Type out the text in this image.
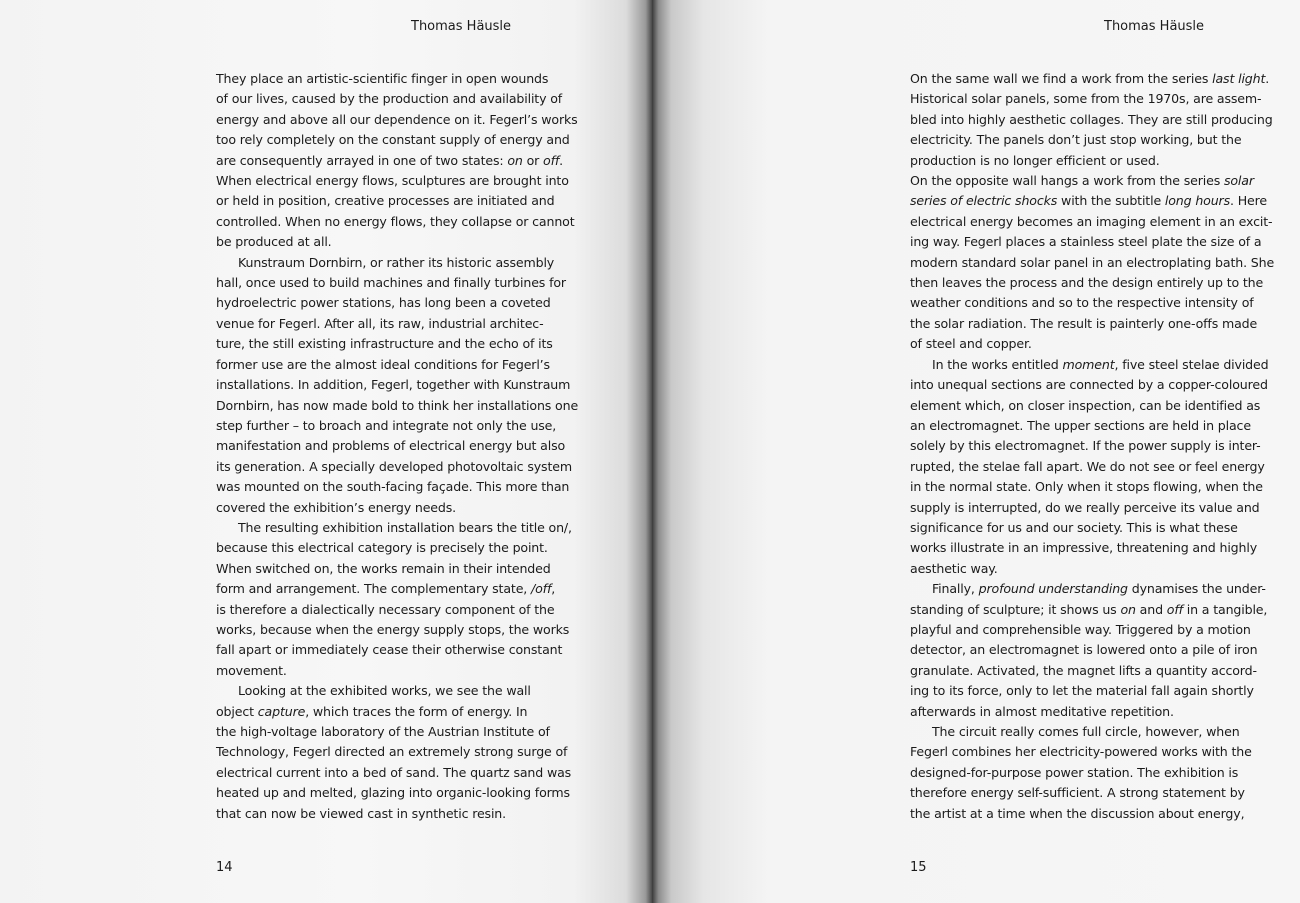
Thomas Häusle
They place an artistic-scientific finger in open wounds
of our lives, caused by the production and availability of
energy and above all our dependence on it. Fegerl’s works
too rely completely on the constant supply of energy and
are consequently arrayed in one of two states: on or off.
When electrical energy flows, sculptures are brought into
or held in position, creative processes are initiated and
controlled. When no energy flows, they collapse or cannot
be produced at all.
Kunstraum Dornbirn, or rather its historic assembly
hall, once used to build machines and finally turbines for
hydroelectric power stations, has long been a coveted
venue for Fegerl. After all, its raw, industrial architec-
ture, the still existing infrastructure and the echo of its
former use are the almost ideal conditions for Fegerl’s
installations. In addition, Fegerl, together with Kunstraum
Dornbirn, has now made bold to think her installations one
step further – to broach and integrate not only the use,
manifestation and problems of electrical energy but also
its generation. A specially developed photovoltaic system
was mounted on the south-facing façade. This more than
covered the exhibition’s energy needs.
The resulting exhibition installation bears the title on/,
because this electrical category is precisely the point.
When switched on, the works remain in their intended
form and arrangement. The complementary state, /off,
is therefore a dialectically necessary component of the
works, because when the energy supply stops, the works
fall apart or immediately cease their otherwise constant
movement.
Looking at the exhibited works, we see the wall
object capture, which traces the form of energy. In
the high-voltage laboratory of the Austrian Institute of
Technology, Fegerl directed an extremely strong surge of
electrical current into a bed of sand. The quartz sand was
heated up and melted, glazing into organic-looking forms
that can now be viewed cast in synthetic resin.
14
Thomas Häusle
On the same wall we find a work from the series last light.
Historical solar panels, some from the 1970s, are assem-
bled into highly aesthetic collages. They are still producing
electricity. The panels don’t just stop working, but the
production is no longer efficient or used.
On the opposite wall hangs a work from the series solar
series of electric shocks with the subtitle long hours. Here
electrical energy becomes an imaging element in an excit-
ing way. Fegerl places a stainless steel plate the size of a
modern standard solar panel in an electroplating bath. She
then leaves the process and the design entirely up to the
weather conditions and so to the respective intensity of
the solar radiation. The result is painterly one-offs made
of steel and copper.
In the works entitled moment, five steel stelae divided
into unequal sections are connected by a copper-coloured
element which, on closer inspection, can be identified as
an electromagnet. The upper sections are held in place
solely by this electromagnet. If the power supply is inter-
rupted, the stelae fall apart. We do not see or feel energy
in the normal state. Only when it stops flowing, when the
supply is interrupted, do we really perceive its value and
significance for us and our society. This is what these
works illustrate in an impressive, threatening and highly
aesthetic way.
Finally, profound understanding dynamises the under-
standing of sculpture; it shows us on and off in a tangible,
playful and comprehensible way. Triggered by a motion
detector, an electromagnet is lowered onto a pile of iron
granulate. Activated, the magnet lifts a quantity accord-
ing to its force, only to let the material fall again shortly
afterwards in almost meditative repetition.
The circuit really comes full circle, however, when
Fegerl combines her electricity-powered works with the
designed-for-purpose power station. The exhibition is
therefore energy self-sufficient. A strong statement by
the artist at a time when the discussion about energy,
15
